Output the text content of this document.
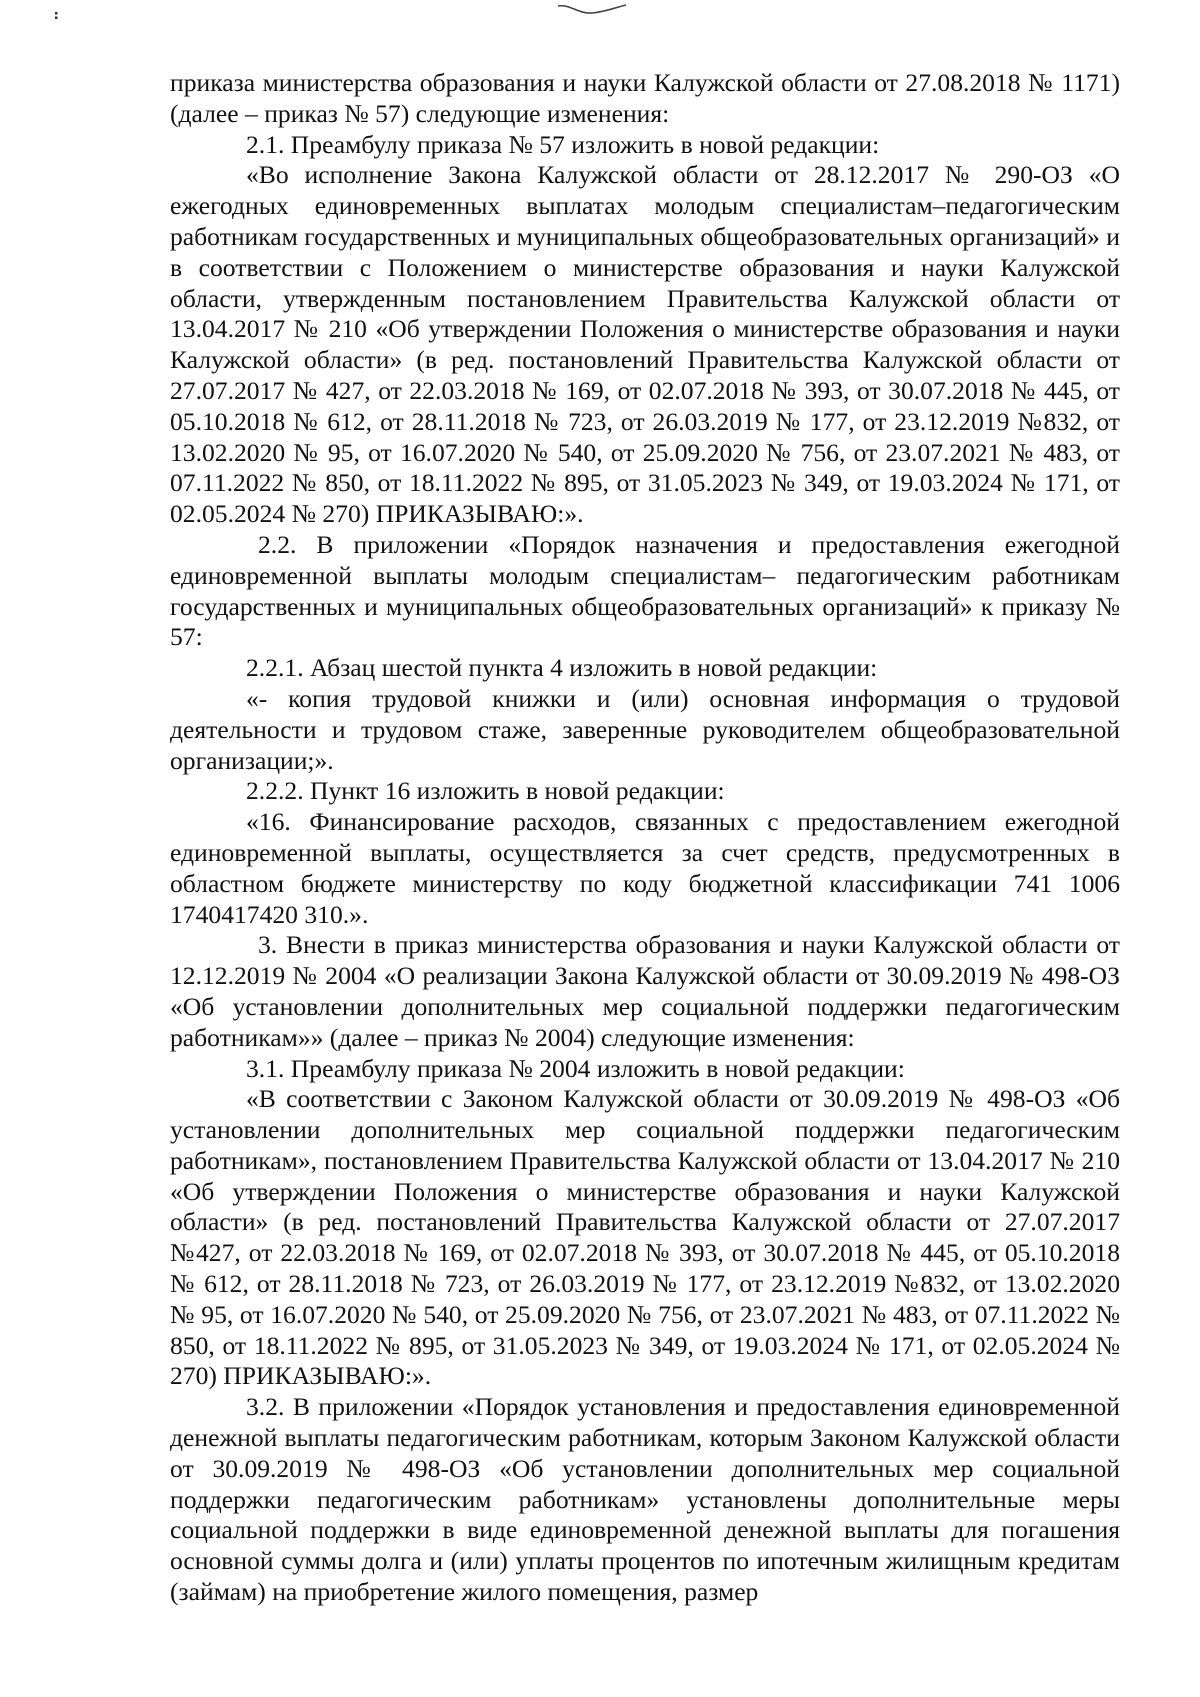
приказа министерства образования и науки Калужской области от 27.08.2018 № 1171) (далее – приказ № 57) следующие изменения:

2.1. Преамбулу приказа № 57 изложить в новой редакции:

«Во исполнение Закона Калужской области от 28.12.2017 № 290-ОЗ «О ежегодных единовременных выплатах молодым специалистам–педагогическим работникам государственных и муниципальных общеобразовательных организаций» и в соответствии с Положением о министерстве образования и науки Калужской области, утвержденным постановлением Правительства Калужской области от 13.04.2017 № 210 «Об утверждении Положения о министерстве образования и науки Калужской области» (в ред. постановлений Правительства Калужской области от 27.07.2017 № 427, от 22.03.2018 № 169, от 02.07.2018 № 393, от 30.07.2018 № 445, от 05.10.2018 № 612, от 28.11.2018 № 723, от 26.03.2019 № 177, от 23.12.2019 №832, от 13.02.2020 № 95, от 16.07.2020 № 540, от 25.09.2020 № 756, от 23.07.2021 № 483, от 07.11.2022 № 850, от 18.11.2022 № 895, от 31.05.2023 № 349, от 19.03.2024 № 171, от 02.05.2024 № 270) ПРИКАЗЫВАЮ:».

2.2. В приложении «Порядок назначения и предоставления ежегодной единовременной выплаты молодым специалистам– педагогическим работникам государственных и муниципальных общеобразовательных организаций» к приказу № 57:

2.2.1. Абзац шестой пункта 4 изложить в новой редакции:

«- копия трудовой книжки и (или) основная информация о трудовой деятельности и трудовом стаже, заверенные руководителем общеобразовательной организации;».

2.2.2. Пункт 16 изложить в новой редакции:

«16. Финансирование расходов, связанных с предоставлением ежегодной единовременной выплаты, осуществляется за счет средств, предусмотренных в областном бюджете министерству по коду бюджетной классификации 741 1006 1740417420 310.».

3. Внести в приказ министерства образования и науки Калужской области от 12.12.2019 № 2004 «О реализации Закона Калужской области от 30.09.2019 № 498-ОЗ «Об установлении дополнительных мер социальной поддержки педагогическим работникам»» (далее – приказ № 2004) следующие изменения:

3.1. Преамбулу приказа № 2004 изложить в новой редакции:

«В соответствии с Законом Калужской области от 30.09.2019 № 498-ОЗ «Об установлении дополнительных мер социальной поддержки педагогическим работникам», постановлением Правительства Калужской области от 13.04.2017 № 210 «Об утверждении Положения о министерстве образования и науки Калужской области» (в ред. постановлений Правительства Калужской области от 27.07.2017 №427, от 22.03.2018 № 169, от 02.07.2018 № 393, от 30.07.2018 № 445, от 05.10.2018 № 612, от 28.11.2018 № 723, от 26.03.2019 № 177, от 23.12.2019 №832, от 13.02.2020 № 95, от 16.07.2020 № 540, от 25.09.2020 № 756, от 23.07.2021 № 483, от 07.11.2022 № 850, от 18.11.2022 № 895, от 31.05.2023 № 349, от 19.03.2024 № 171, от 02.05.2024 № 270) ПРИКАЗЫВАЮ:».

3.2. В приложении «Порядок установления и предоставления единовременной денежной выплаты педагогическим работникам, которым Законом Калужской области от 30.09.2019 № 498-ОЗ «Об установлении дополнительных мер социальной поддержки педагогическим работникам» установлены дополнительные меры социальной поддержки в виде единовременной денежной выплаты для погашения основной суммы долга и (или) уплаты процентов по ипотечным жилищным кредитам (займам) на приобретение жилого помещения, размер
